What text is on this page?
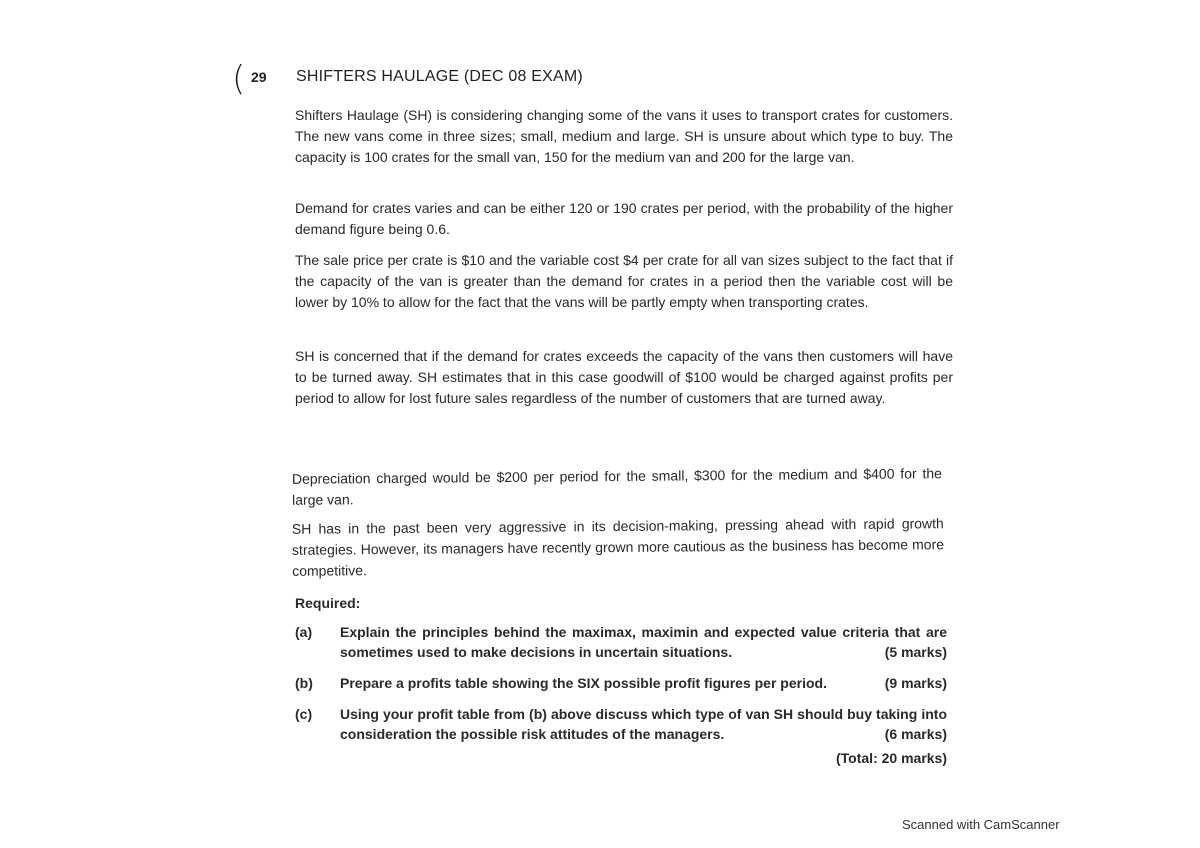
( 29 SHIFTERS HAULAGE (DEC 08 EXAM)

Shifters Haulage (SH) is considering changing some of the vans it uses to transport crates for customers. The new vans come in three sizes; small, medium and large. SH is unsure about which type to buy. The capacity is 100 crates for the small van, 150 for the medium van and 200 for the large van.

Demand for crates varies and can be either 120 or 190 crates per period, with the probability of the higher demand figure being 0.6.

The sale price per crate is $10 and the variable cost $4 per crate for all van sizes subject to the fact that if the capacity of the van is greater than the demand for crates in a period then the variable cost will be lower by 10% to allow for the fact that the vans will be partly empty when transporting crates.

SH is concerned that if the demand for crates exceeds the capacity of the vans then customers will have to be turned away. SH estimates that in this case goodwill of $100 would be charged against profits per period to allow for lost future sales regardless of the number of customers that are turned away.

Depreciation charged would be $200 per period for the small, $300 for the medium and $400 for the large van.

SH has in the past been very aggressive in its decision-making, pressing ahead with rapid growth strategies. However, its managers have recently grown more cautious as the business has become more competitive.

Required:
(a) Explain the principles behind the maximax, maximin and expected value criteria that are sometimes used to make decisions in uncertain situations.	(5 marks)
(b) Prepare a profits table showing the SIX possible profit figures per period.	(9 marks)
(c) Using your profit table from (b) above discuss which type of van SH should buy taking into consideration the possible risk attitudes of the managers.	(6 marks)
(Total: 20 marks)
Scanned with CamScanner
